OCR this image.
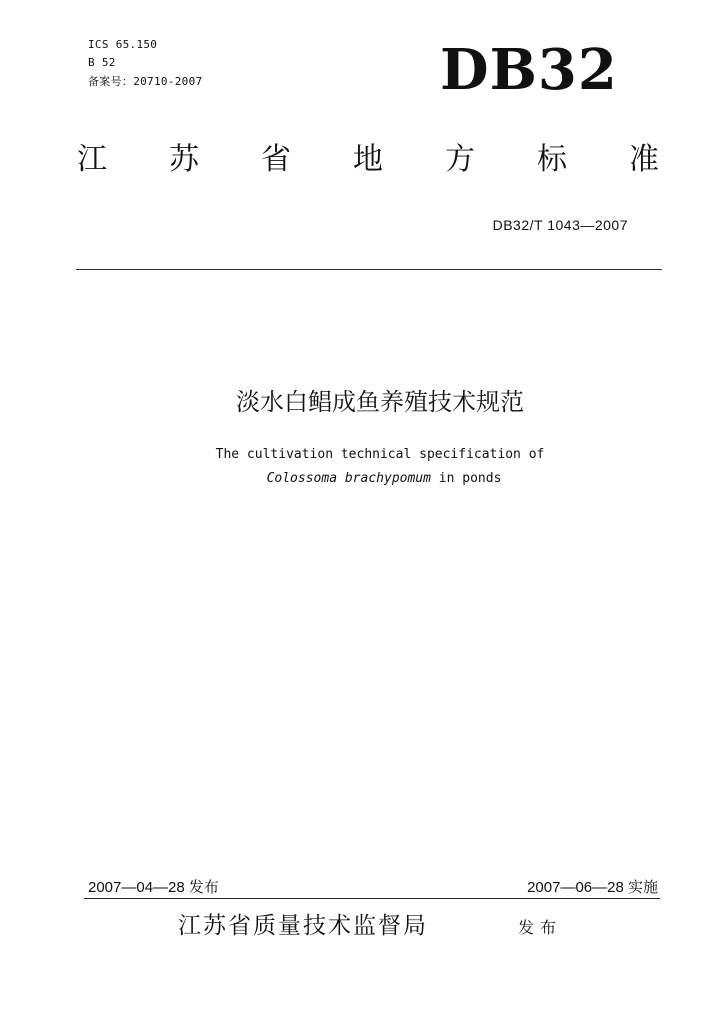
ICS 65.150
B 52
备案号：20710-2007	DB32
江 苏 省 地 方 标 准
DB32/T 1043—2007
淡水白鲳成鱼养殖技术规范
The cultivation technical specification of
Colossoma brachypomum in ponds
2007—04—28 发布	2007—06—28 实施
江苏省质量技术监督局	发布
